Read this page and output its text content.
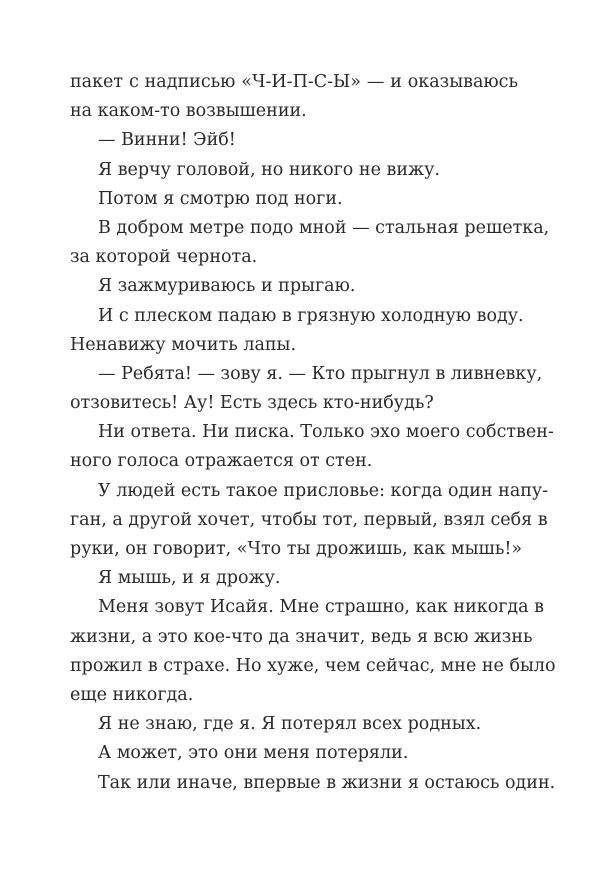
пакет с надписью «Ч-И-П-С-Ы» — и оказываюсь
на каком-то возвышении.
— Винни! Эйб!
Я верчу головой, но никого не вижу.
Потом я смотрю под ноги.
В добром метре подо мной — стальная решетка,
за которой чернота.
Я зажмуриваюсь и прыгаю.
И с плеском падаю в грязную холодную воду.
Ненавижу мочить лапы.
— Ребята! — зову я. — Кто прыгнул в ливневку,
отзовитесь! Ау! Есть здесь кто-нибудь?
Ни ответа. Ни писка. Только эхо моего собствен-
ного голоса отражается от стен.
У людей есть такое присловье: когда один напу-
ган, а другой хочет, чтобы тот, первый, взял себя в
руки, он говорит, «Что ты дрожишь, как мышь!»
Я мышь, и я дрожу.
Меня зовут Исайя. Мне страшно, как никогда в
жизни, а это кое-что да значит, ведь я всю жизнь
прожил в страхе. Но хуже, чем сейчас, мне не было
еще никогда.
Я не знаю, где я. Я потерял всех родных.
А может, это они меня потеряли.
Так или иначе, впервые в жизни я остаюсь один.
